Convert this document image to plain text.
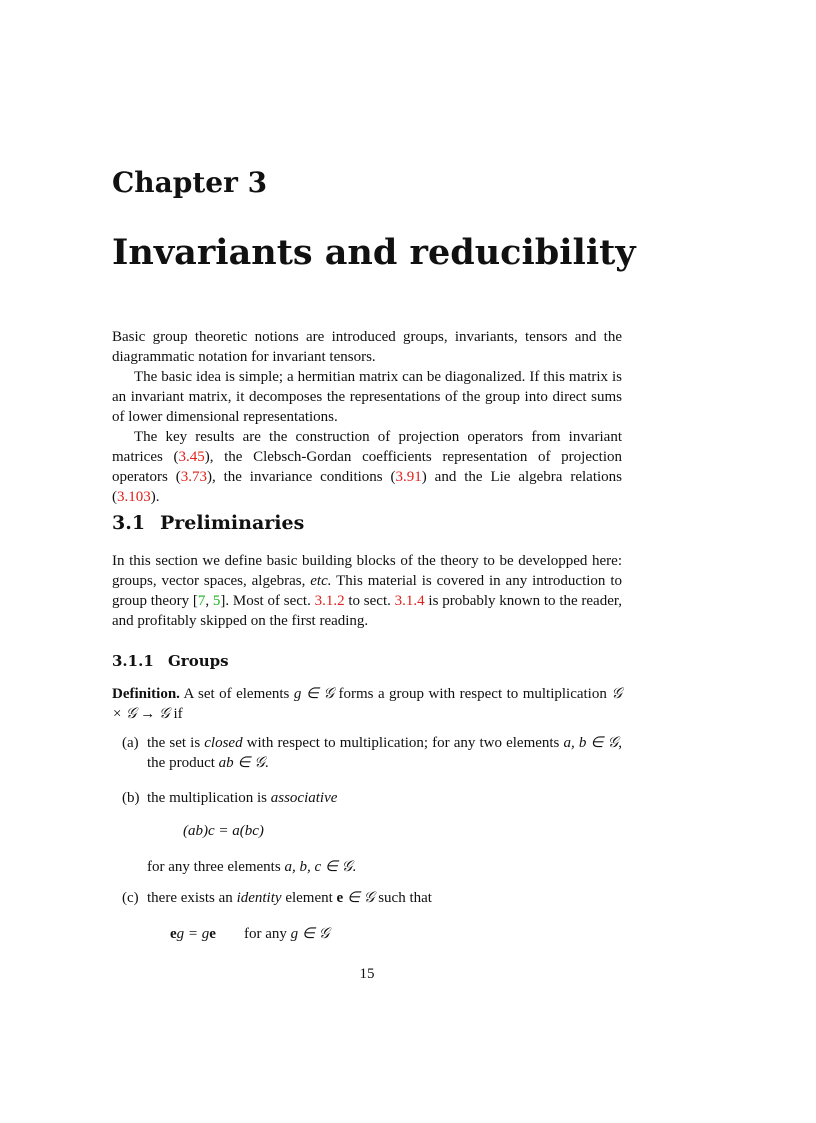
Chapter 3
Invariants and reducibility

Basic group theoretic notions are introduced groups, invariants, tensors and the diagrammatic notation for invariant tensors.

The basic idea is simple; a hermitian matrix can be diagonalized. If this matrix is an invariant matrix, it decomposes the representations of the group into direct sums of lower dimensional representations.

The key results are the construction of projection operators from invariant matrices (3.45), the Clebsch-Gordan coefficients representation of projection operators (3.73), the invariance conditions (3.91) and the Lie algebra relations (3.103).

3.1 Preliminaries

In this section we define basic building blocks of the theory to be developped here: groups, vector spaces, algebras, etc. This material is covered in any introduction to group theory [7, 5]. Most of sect. 3.1.2 to sect. 3.1.4 is probably known to the reader, and profitably skipped on the first reading.

3.1.1 Groups

Definition. A set of elements g ∈ 𝒢 forms a group with respect to multiplication 𝒢 × 𝒢 → 𝒢 if

(a) the set is closed with respect to multiplication; for any two elements a, b ∈ 𝒢, the product ab ∈ 𝒢.
(b) the multiplication is associative
(ab)c = a(bc)
for any three elements a, b, c ∈ 𝒢.
(c) there exists an identity element e ∈ 𝒢 such that
eg = ge for any g ∈ 𝒢
15
